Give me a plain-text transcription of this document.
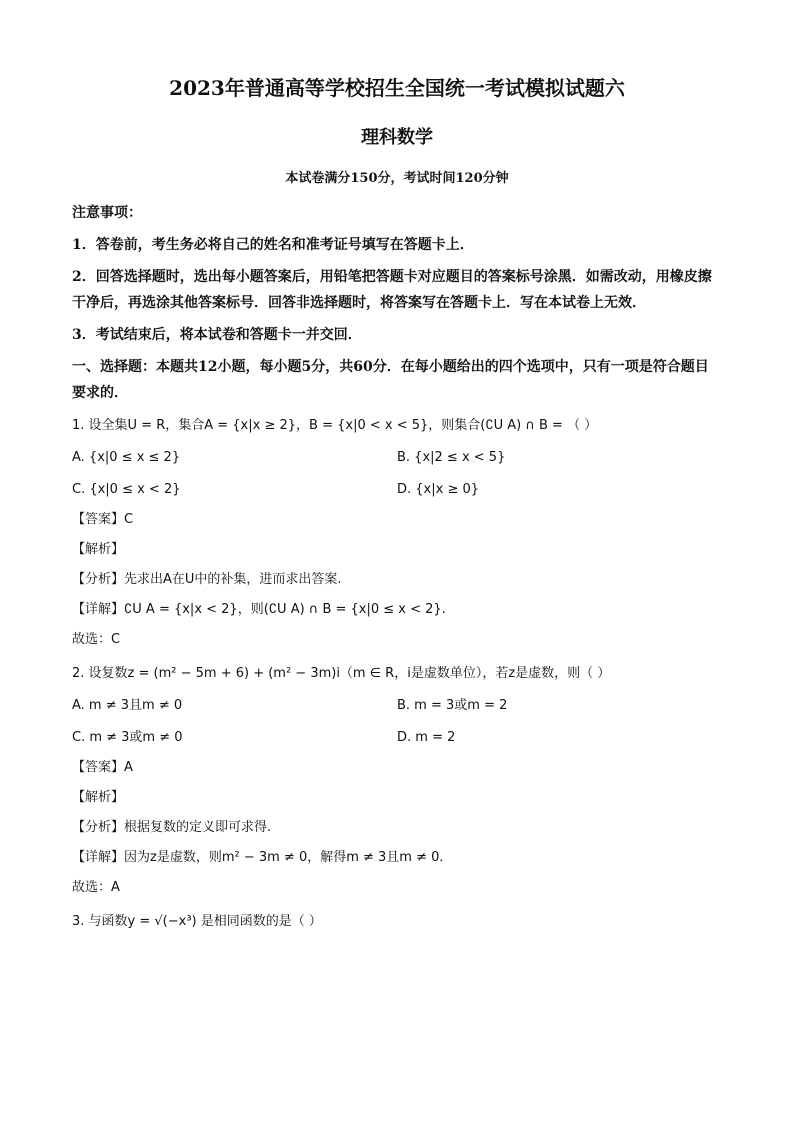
2023年普通高等学校招生全国统一考试模拟试题六
理科数学
本试卷满分150分，考试时间120分钟

注意事项：

1．答卷前，考生务必将自己的姓名和准考证号填写在答题卡上．

2．回答选择题时，选出每小题答案后，用铅笔把答题卡对应题目的答案标号涂黑．如需改动，用橡皮擦干净后，再选涂其他答案标号．回答非选择题时，将答案写在答题卡上．写在本试卷上无效．

3．考试结束后，将本试卷和答题卡一并交回．

一、选择题：本题共12小题，每小题5分，共60分．在每小题给出的四个选项中，只有一项是符合题目要求的．

1. 设全集U = R，集合A = {x|x ≥ 2}，B = {x|0 < x < 5}，则集合(∁U A) ∩ B = （ ）
A. {x|0 ≤ x ≤ 2}	B. {x|2 ≤ x < 5}
C. {x|0 ≤ x < 2}	D. {x|x ≥ 0}
【答案】C
【解析】
【分析】先求出A在U中的补集，进而求出答案.
【详解】∁U A = {x|x < 2}，则(∁U A) ∩ B = {x|0 ≤ x < 2}.
故选：C
2. 设复数z = (m² − 5m + 6) + (m² − 3m)i（m ∈ R，i是虚数单位），若z是虚数，则（ ）
A. m ≠ 3且m ≠ 0	B. m = 3或m = 2
C. m ≠ 3或m ≠ 0	D. m = 2
【答案】A
【解析】
【分析】根据复数的定义即可求得.
【详解】因为z是虚数，则m² − 3m ≠ 0，解得m ≠ 3且m ≠ 0．
故选：A
3. 与函数y = √(−x³) 是相同函数的是（ ）
